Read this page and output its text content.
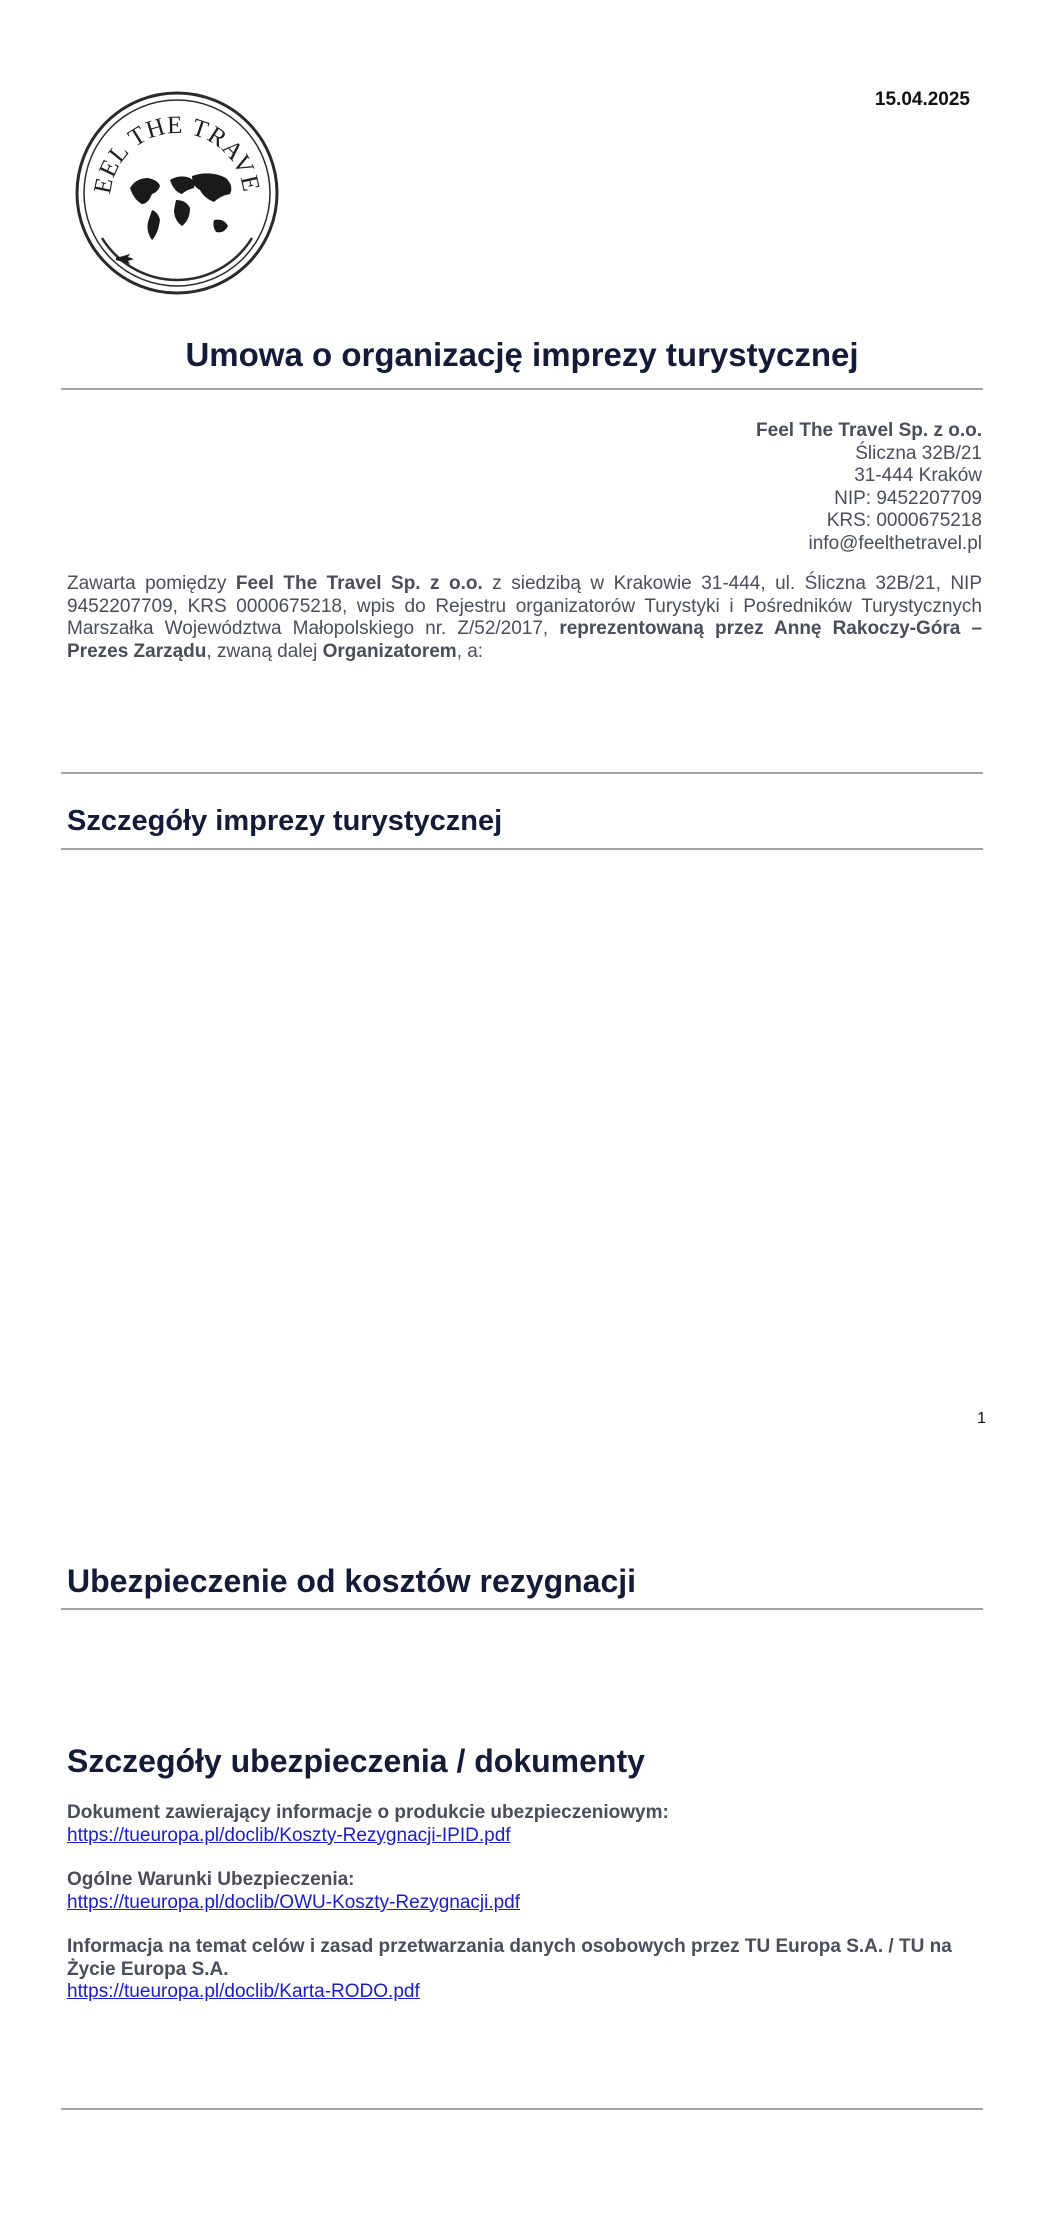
15.04.2025
EEL THE TRAVE
Umowa o organizację imprezy turystycznej
Feel The Travel Sp. z o.o.
Śliczna 32B/21
31-444 Kraków
NIP: 9452207709
KRS: 0000675218
info@feelthetravel.pl
Zawarta pomiędzy Feel The Travel Sp. z o.o. z siedzibą w Krakowie 31-444, ul. Śliczna 32B/21, NIP 9452207709, KRS 0000675218, wpis do Rejestru organizatorów Turystyki i Pośredników Turystycznych Marszałka Województwa Małopolskiego nr. Z/52/2017, reprezentowaną przez Annę Rakoczy-Góra – Prezes Zarządu, zwaną dalej Organizatorem, a:
Szczegóły imprezy turystycznej
1
Ubezpieczenie od kosztów rezygnacji
Szczegóły ubezpieczenia / dokumenty
Dokument zawierający informacje o produkcie ubezpieczeniowym:
https://tueuropa.pl/doclib/Koszty-Rezygnacji-IPID.pdf
Ogólne Warunki Ubezpieczenia:
https://tueuropa.pl/doclib/OWU-Koszty-Rezygnacji.pdf
Informacja na temat celów i zasad przetwarzania danych osobowych przez TU Europa S.A. / TU na Życie Europa S.A.
https://tueuropa.pl/doclib/Karta-RODO.pdf
